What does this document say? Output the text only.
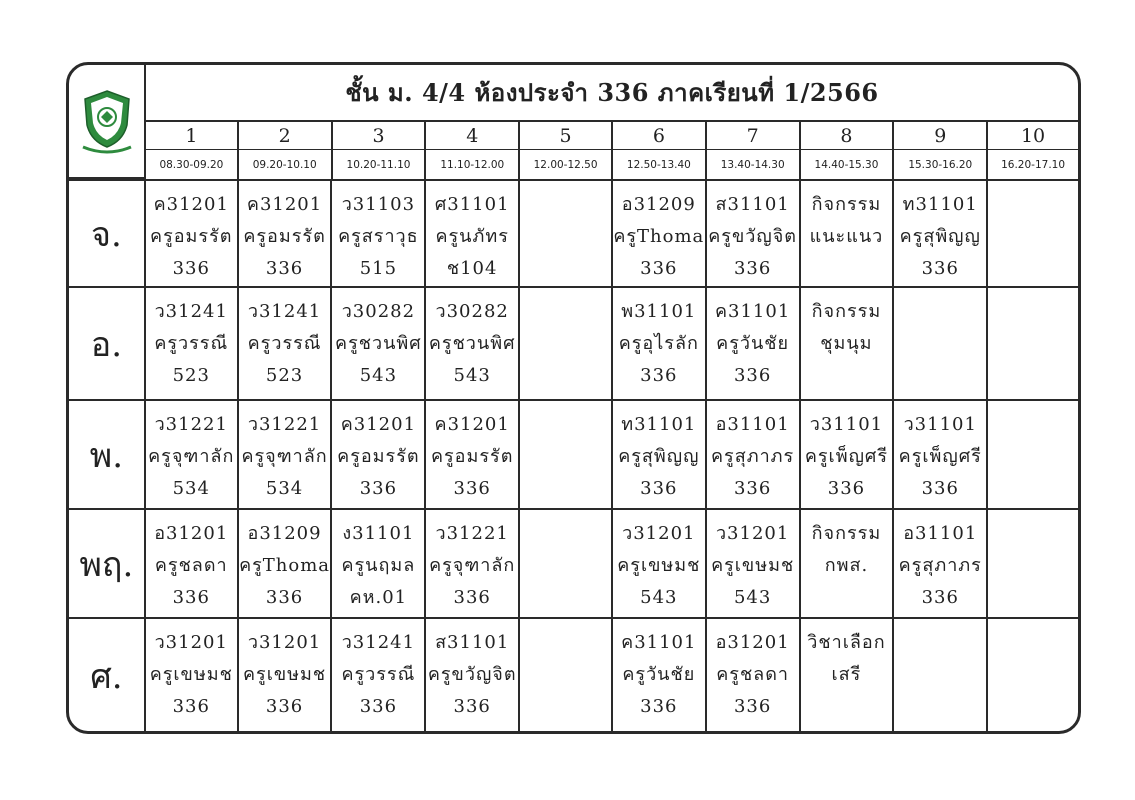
ชั้น ม. 4/4 ห้องประจำ 336 ภาคเรียนที่ 1/2566
1
08.30-09.20
2
09.20-10.10
3
10.20-11.10
4
11.10-12.00
5
12.00-12.50
6
12.50-13.40
7
13.40-14.30
8
14.40-15.30
9
15.30-16.20
10
16.20-17.10
จ.
ค31201
ครูอมรรัต
336
ค31201
ครูอมรรัต
336
ว31103
ครูสราวุธ
515
ศ31101
ครูนภัทร
ช104
อ31209
ครูThoma
336
ส31101
ครูขวัญจิต
336
กิจกรรม
แนะแนว
ท31101
ครูสุพิญญ
336
อ.
ว31241
ครูวรรณี
523
ว31241
ครูวรรณี
523
ว30282
ครูชวนพิศ
543
ว30282
ครูชวนพิศ
543
พ31101
ครูอุไรลัก
336
ค31101
ครูวันชัย
336
กิจกรรม
ชุมนุม
พ.
ว31221
ครูจุฑาลัก
534
ว31221
ครูจุฑาลัก
534
ค31201
ครูอมรรัต
336
ค31201
ครูอมรรัต
336
ท31101
ครูสุพิญญ
336
อ31101
ครูสุภาภร
336
ว31101
ครูเพ็ญศรี
336
ว31101
ครูเพ็ญศรี
336
พฤ.
อ31201
ครูชลดา
336
อ31209
ครูThoma
336
ง31101
ครูนฤมล
คห.01
ว31221
ครูจุฑาลัก
336
ว31201
ครูเขษมช
543
ว31201
ครูเขษมช
543
กิจกรรม
กพส.
อ31101
ครูสุภาภร
336
ศ.
ว31201
ครูเขษมช
336
ว31201
ครูเขษมช
336
ว31241
ครูวรรณี
336
ส31101
ครูขวัญจิต
336
ค31101
ครูวันชัย
336
อ31201
ครูชลดา
336
วิชาเลือก
เสรี
